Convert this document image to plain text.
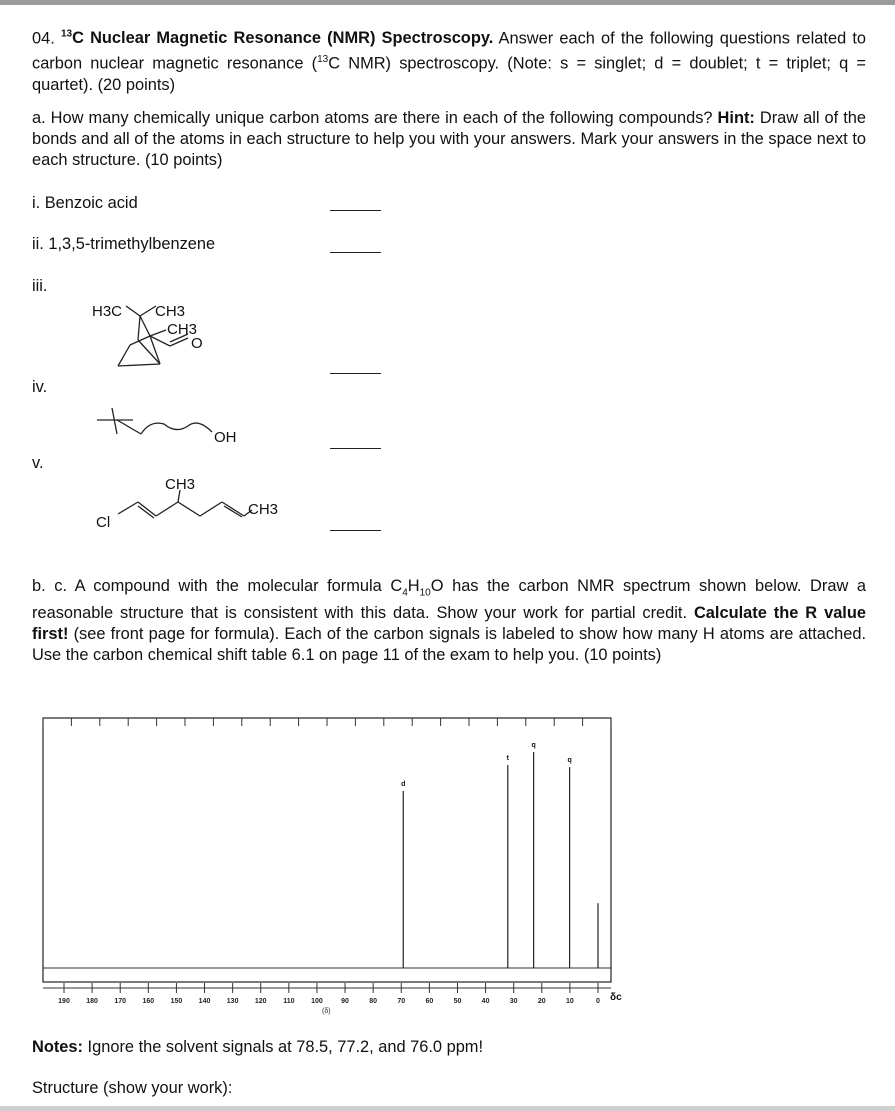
04. $^{13}$C Nuclear Magnetic Resonance (NMR) Spectroscopy. Answer each of the following questions related to carbon nuclear magnetic resonance ($^{13}$C NMR) spectroscopy. (Note: s = singlet; d = doublet; t = triplet; q = quartet). (20 points)

a. How many chemically unique carbon atoms are there in each of the following compounds? Hint: Draw all of the bonds and all of the atoms in each structure to help you with your answers. Mark your answers in the space next to each structure. (10 points)

i. Benzoic acid

ii. 1,3,5-trimethylbenzene

iii.

iv.

v.

H3C CH3
CH3
O
OH
CH3
Cl
CH3

b. c. A compound with the molecular formula $C_4H_{10}O$ has the carbon NMR spectrum shown below. Draw a reasonable structure that is consistent with this data. Show your work for partial credit. Calculate the R value first! (see front page for formula). Each of the carbon signals is labeled to show how many H atoms are attached. Use the carbon chemical shift table 6.1 on page 11 of the exam to help you. (10 points)

d
t
q
q
190 180 170 160 150 140 130 120 110 100	90	80	70	60	50	40	30	20	10	0
(δ)
δc

Notes: Ignore the solvent signals at 78.5, 77.2, and 76.0 ppm!

Structure (show your work):
